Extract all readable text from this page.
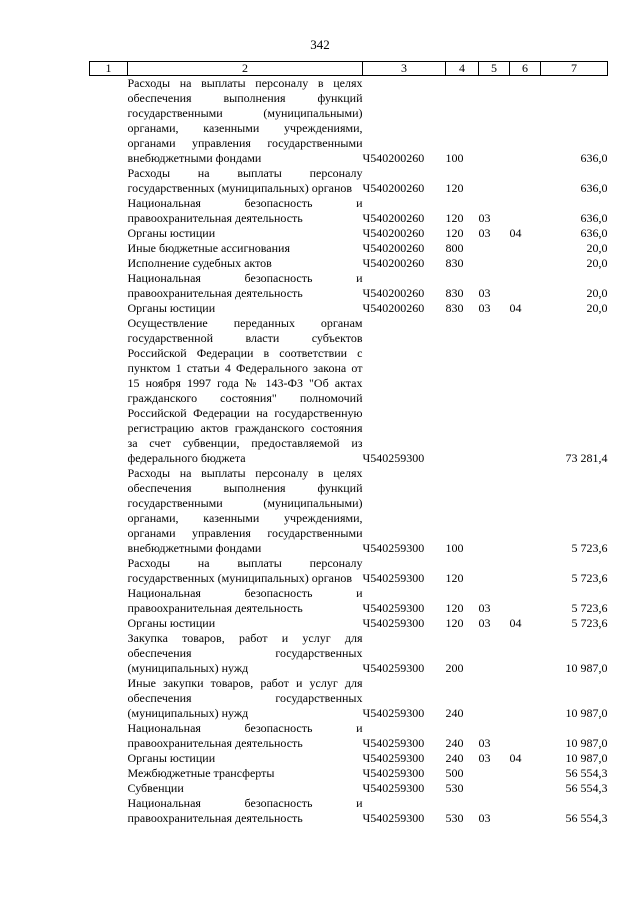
342
1	2	3	4	5	6	7
	Расходы на выплаты персоналу в целях обеспечения выполнения функций государственными (муниципальными) органами, казенными учреждениями, органами управления государственными внебюджетными фондами	Ч540200260	100			636,0
	Расходы на выплаты персоналу государственных (муниципальных) органов	Ч540200260	120			636,0
	Национальная безопасность и правоохранительная деятельность	Ч540200260	120	03		636,0
	Органы юстиции	Ч540200260	120	03	04	636,0
	Иные бюджетные ассигнования	Ч540200260	800			20,0
	Исполнение судебных актов	Ч540200260	830			20,0
	Национальная безопасность и правоохранительная деятельность	Ч540200260	830	03		20,0
	Органы юстиции	Ч540200260	830	03	04	20,0
	Осуществление переданных органам государственной власти субъектов Российской Федерации в соответствии с пунктом 1 статьи 4 Федерального закона от 15 ноября 1997 года № 143-ФЗ "Об актах гражданского состояния" полномочий Российской Федерации на государственную регистрацию актов гражданского состояния за счет субвенции, предоставляемой из федерального бюджета	Ч540259300				73 281,4
	Расходы на выплаты персоналу в целях обеспечения выполнения функций государственными (муниципальными) органами, казенными учреждениями, органами управления государственными внебюджетными фондами	Ч540259300	100			5 723,6
	Расходы на выплаты персоналу государственных (муниципальных) органов	Ч540259300	120			5 723,6
	Национальная безопасность и правоохранительная деятельность	Ч540259300	120	03		5 723,6
	Органы юстиции	Ч540259300	120	03	04	5 723,6
	Закупка товаров, работ и услуг для обеспечения государственных (муниципальных) нужд	Ч540259300	200			10 987,0
	Иные закупки товаров, работ и услуг для обеспечения государственных (муниципальных) нужд	Ч540259300	240			10 987,0
	Национальная безопасность и правоохранительная деятельность	Ч540259300	240	03		10 987,0
	Органы юстиции	Ч540259300	240	03	04	10 987,0
	Межбюджетные трансферты	Ч540259300	500			56 554,3
	Субвенции	Ч540259300	530			56 554,3
	Национальная безопасность и правоохранительная деятельность	Ч540259300	530	03		56 554,3
